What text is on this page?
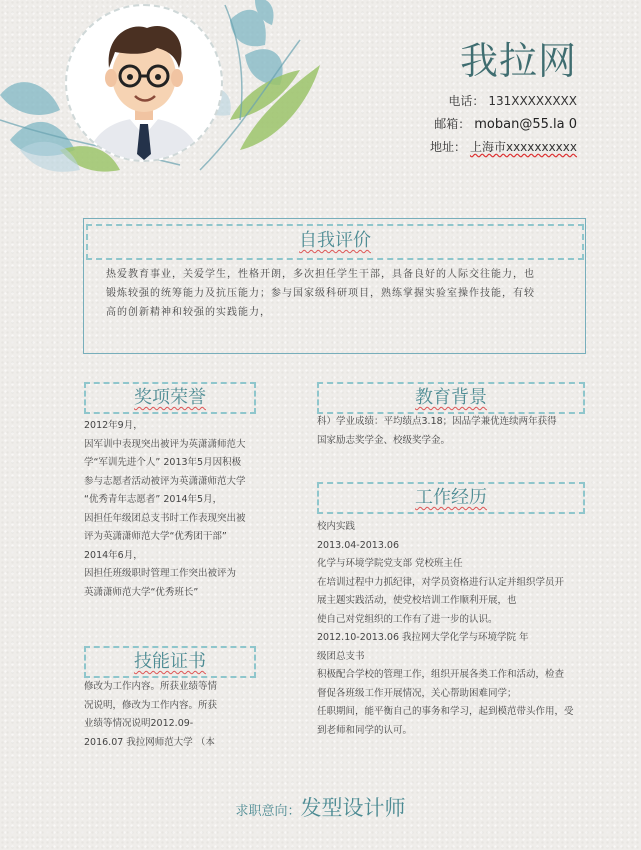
我拉网
电话： 131XXXXXXXX
邮箱： moban@55.la 0
地址： 上海市xxxxxxxxxx
自我评价
热爱教育事业，关爱学生，性格开朗，多次担任学生干部，具备良好的人际交往能力，也
锻炼较强的统筹能力及抗压能力；参与国家级科研项目，熟练掌握实验室操作技能，有较
高的创新精神和较强的实践能力，
奖项荣誉
2012年9月，
因军训中表现突出被评为英潇潇师范大
学“军训先进个人” 2013年5月因积极
参与志愿者活动被评为英潇潇师范大学
“优秀青年志愿者” 2014年5月，
因担任年级团总支书时工作表现突出被
评为英潇潇师范大学“优秀团干部”
2014年6月，
因担任班级职时管理工作突出被评为
英潇潇师范大学“优秀班长”
技能证书
修改为工作内容。所获业绩等情
况说明，修改为工作内容。所获
业绩等情况说明2012.09-
2016.07 我拉网师范大学 （本
教育背景
科）学业成绩：平均绩点3.18；因品学兼优连续两年获得
国家励志奖学金、校级奖学金。
工作经历
校内实践
2013.04-2013.06
化学与环境学院党支部 党校班主任
在培训过程中力抓纪律，对学员资格进行认定并组织学员开
展主题实践活动，使党校培训工作顺利开展，也
使自己对党组织的工作有了进一步的认识。
2012.10-2013.06 我拉网大学化学与环境学院 年
级团总支书
积极配合学校的管理工作，组织开展各类工作和活动，检查
督促各班级工作开展情况，关心帮助困难同学；
任职期间，能平衡自己的事务和学习，起到模范带头作用，受
到老师和同学的认可。
求职意向：发型设计师
